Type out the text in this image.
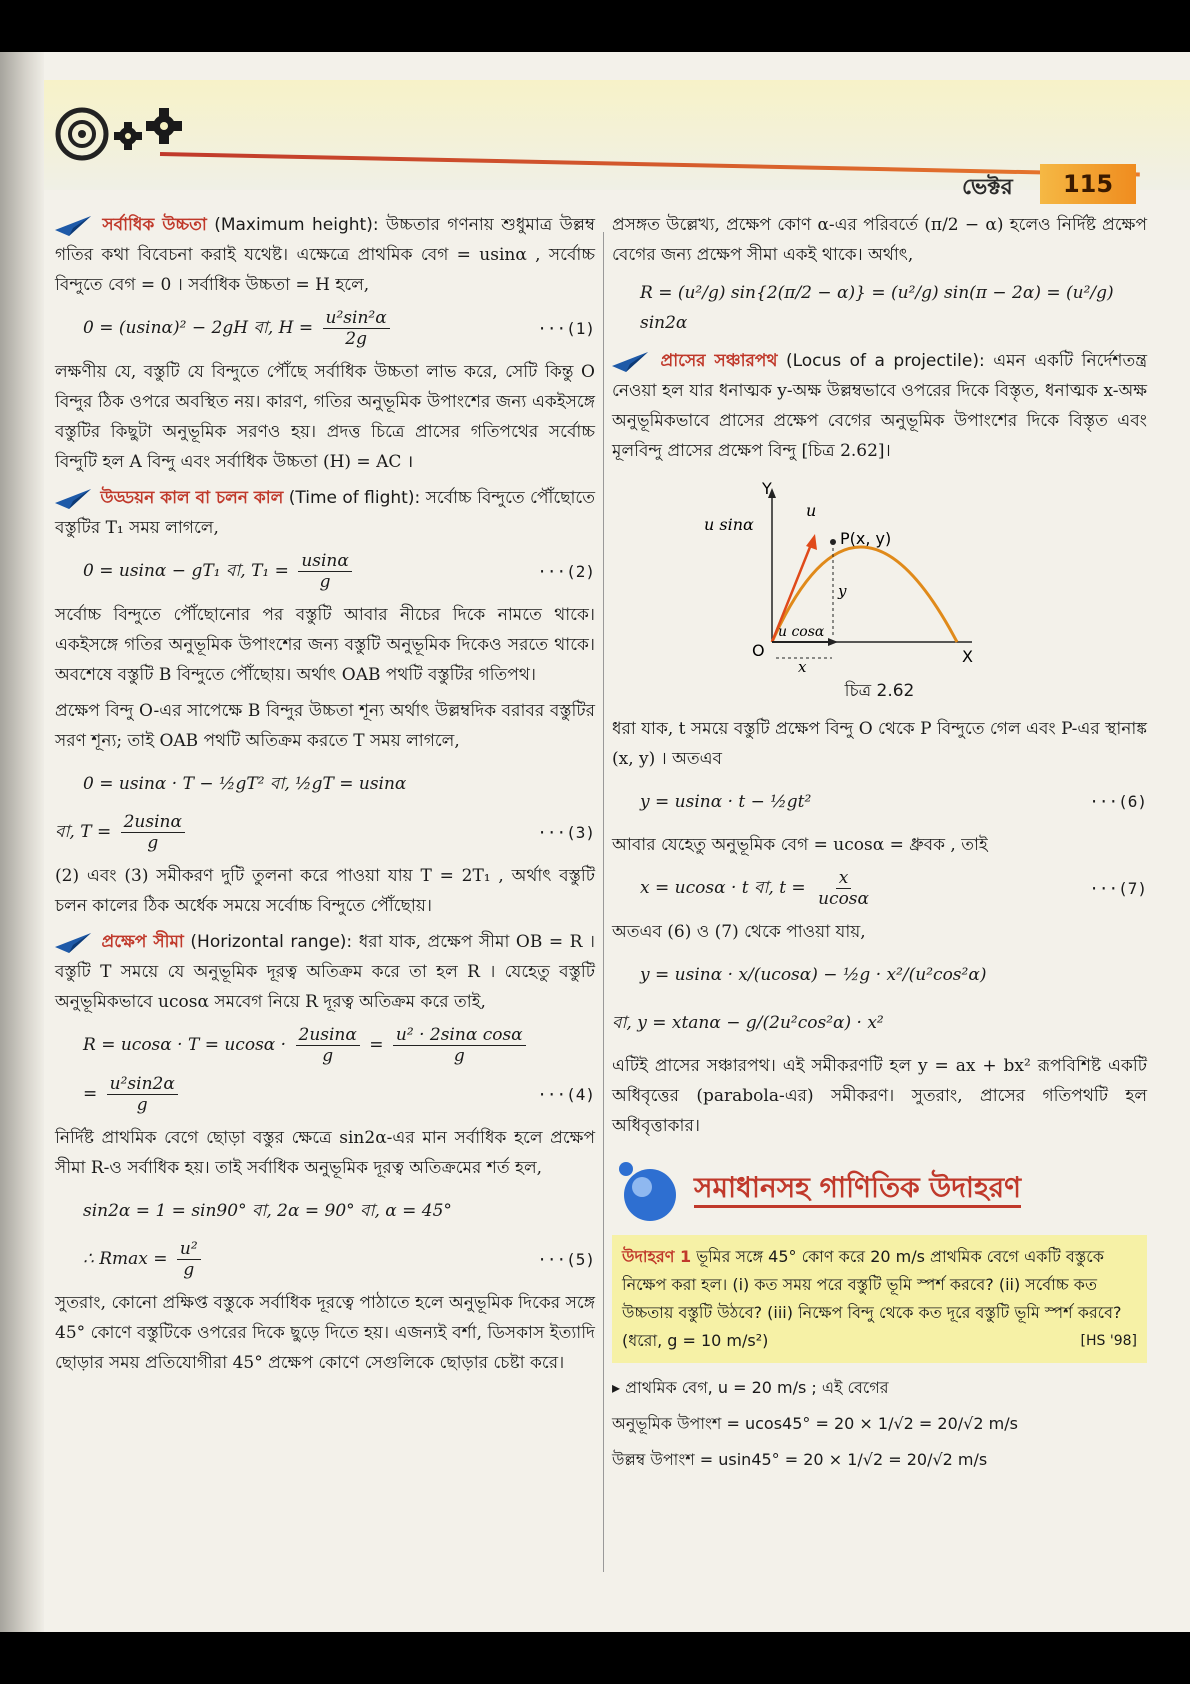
ভেক্টর	115

সর্বাধিক উচ্চতা (Maximum height): উচ্চতার গণনায় শুধুমাত্র উল্লম্ব গতির কথা বিবেচনা করাই যথেষ্ট। এক্ষেত্রে প্রাথমিক বেগ = usinα , সর্বোচ্চ বিন্দুতে বেগ = 0 । সর্বাধিক উচ্চতা = H হলে,

0 = (usinα)² − 2gH বা, $H = \frac{\text{u²sin²α}}{2g}$	···(1)

লক্ষণীয় যে, বস্তুটি যে বিন্দুতে পৌঁছে সর্বাধিক উচ্চতা লাভ করে, সেটি কিন্তু O বিন্দুর ঠিক ওপরে অবস্থিত নয়। কারণ, গতির অনুভূমিক উপাংশের জন্য একইসঙ্গে বস্তুটির কিছুটা অনুভূমিক সরণও হয়। প্রদত্ত চিত্রে প্রাসের গতিপথের সর্বোচ্চ বিন্দুটি হল A বিন্দু এবং সর্বাধিক উচ্চতা (H) = AC ।

উড্ডয়ন কাল বা চলন কাল (Time of flight): সর্বোচ্চ বিন্দুতে পৌঁছোতে বস্তুটির T₁ সময় লাগলে,

0 = usinα − gT₁ বা, $T_1 = \frac{usin\alpha}{g}$	···(2)

সর্বোচ্চ বিন্দুতে পৌঁছোনোর পর বস্তুটি আবার নীচের দিকে নামতে থাকে। একইসঙ্গে গতির অনুভূমিক উপাংশের জন্য বস্তুটি অনুভূমিক দিকেও সরতে থাকে। অবশেষে বস্তুটি B বিন্দুতে পৌঁছোয়। অর্থাৎ OAB পথটি বস্তুটির গতিপথ।

প্রক্ষেপ বিন্দু O-এর সাপেক্ষে B বিন্দুর উচ্চতা শূন্য অর্থাৎ উল্লম্বদিক বরাবর বস্তুটির সরণ শূন্য; তাই OAB পথটি অতিক্রম করতে T সময় লাগলে,

0 = usinα · T − ½gT² বা, ½gT = usinα
বা, $T = \frac{2usin\alpha}{g}$	···(3)

(2) এবং (3) সমীকরণ দুটি তুলনা করে পাওয়া যায় T = 2T₁ , অর্থাৎ বস্তুটি চলন কালের ঠিক অর্ধেক সময়ে সর্বোচ্চ বিন্দুতে পৌঁছোয়।

প্রক্ষেপ সীমা (Horizontal range): ধরা যাক, প্রক্ষেপ সীমা OB = R । বস্তুটি T সময়ে যে অনুভূমিক দূরত্ব অতিক্রম করে তা হল R । যেহেতু বস্তুটি অনুভূমিকভাবে ucosα সমবেগ নিয়ে R দূরত্ব অতিক্রম করে তাই,

$R = ucos\alpha \cdot T = ucos\alpha \cdot \frac{2usin\alpha}{g} = \frac{\text{u² · 2sinα cosα}}{g}$
= $\frac{\text{u²sin2α}}{g}$	···(4)

নির্দিষ্ট প্রাথমিক বেগে ছোড়া বস্তুর ক্ষেত্রে sin2α-এর মান সর্বাধিক হলে প্রক্ষেপ সীমা R-ও সর্বাধিক হয়। তাই সর্বাধিক অনুভূমিক দূরত্ব অতিক্রমের শর্ত হল,

sin2α = 1 = sin90° বা, 2α = 90° বা, α = 45°
∴ $Rmax = \frac{\text{u²}}{g}$	···(5)

সুতরাং, কোনো প্রক্ষিপ্ত বস্তুকে সর্বাধিক দূরত্বে পাঠাতে হলে অনুভূমিক দিকের সঙ্গে 45° কোণে বস্তুটিকে ওপরের দিকে ছুড়ে দিতে হয়। এজন্যই বর্শা, ডিসকাস ইত্যাদি ছোড়ার সময় প্রতিযোগীরা 45° প্রক্ষেপ কোণে সেগুলিকে ছোড়ার চেষ্টা করে।

প্রসঙ্গত উল্লেখ্য, প্রক্ষেপ কোণ α-এর পরিবর্তে (π/2 − α) হলেও নির্দিষ্ট প্রক্ষেপ বেগের জন্য প্রক্ষেপ সীমা একই থাকে। অর্থাৎ,

R = (u²/g) sin{2(π/2 − α)} = (u²/g) sin(π − 2α) = (u²/g) sin2α

প্রাসের সঞ্চারপথ (Locus of a projectile): এমন একটি নির্দেশতন্ত্র নেওয়া হল যার ধনাত্মক y-অক্ষ উল্লম্বভাবে ওপরের দিকে বিস্তৃত, ধনাত্মক x-অক্ষ অনুভূমিকভাবে প্রাসের প্রক্ষেপ বেগের অনুভূমিক উপাংশের দিকে বিস্তৃত এবং মূলবিন্দু প্রাসের প্রক্ষেপ বিন্দু [চিত্র 2.62]।

Y
u
u sinα
P(x, y)
y
u cosα
O
x
X
চিত্র 2.62

ধরা যাক, t সময়ে বস্তুটি প্রক্ষেপ বিন্দু O থেকে P বিন্দুতে গেল এবং P-এর স্থানাঙ্ক (x, y) । অতএব

y = usinα · t − ½gt²	···(6)

আবার যেহেতু অনুভূমিক বেগ = ucosα = ধ্রুবক , তাই

x = ucosα · t বা, $t = \frac{x}{ucos\alpha}$	···(7)

অতএব (6) ও (7) থেকে পাওয়া যায়,

y = usinα · x/(ucosα) − ½g · x²/(u²cos²α)
বা, y = xtanα − g/(2u²cos²α) · x²

এটিই প্রাসের সঞ্চারপথ। এই সমীকরণটি হল y = ax + bx² রূপবিশিষ্ট একটি অধিবৃত্তের (parabola-এর) সমীকরণ। সুতরাং, প্রাসের গতিপথটি হল অধিবৃত্তাকার।

সমাধানসহ গাণিতিক উদাহরণ
উদাহরণ 1 ভূমির সঙ্গে 45° কোণ করে 20 m/s প্রাথমিক বেগে একটি বস্তুকে নিক্ষেপ করা হল। (i) কত সময় পরে বস্তুটি ভূমি স্পর্শ করবে? (ii) সর্বোচ্চ কত উচ্চতায় বস্তুটি উঠবে? (iii) নিক্ষেপ বিন্দু থেকে কত দূরে বস্তুটি ভূমি স্পর্শ করবে? (ধরো, g = 10 m/s²)	[HS '98]

▸ প্রাথমিক বেগ, u = 20 m/s ; এই বেগের

অনুভূমিক উপাংশ = ucos45° = 20 × 1/√2 = 20/√2 m/s

উল্লম্ব উপাংশ = usin45° = 20 × 1/√2 = 20/√2 m/s
